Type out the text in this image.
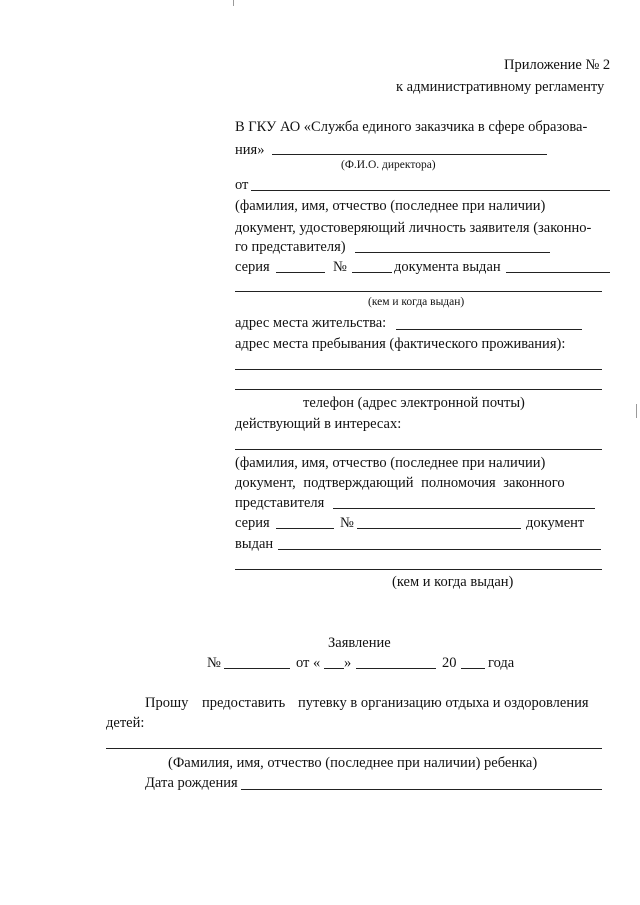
Приложение № 2
к административному регламенту
В ГКУ АО «Служба единого заказчика в сфере образова-
ния»
(Ф.И.О. директора)
от
(фамилия, имя, отчество (последнее при наличии)
документ, удостоверяющий личность заявителя (законно-
го представителя)
серия	№	документа выдан
(кем и когда выдан)
адрес места жительства:
адрес места пребывания (фактического проживания):
телефон (адрес электронной почты)
действующий в интересах:
(фамилия, имя, отчество (последнее при наличии)
документ, подтверждающий полномочия законного
представителя
серия	№	документ
выдан
(кем и когда выдан)
Заявление
№	от « »	20 года
Прошу предоставить путевку в организацию отдыха и оздоровления
детей:
(Фамилия, имя, отчество (последнее при наличии) ребенка)
Дата рождения
